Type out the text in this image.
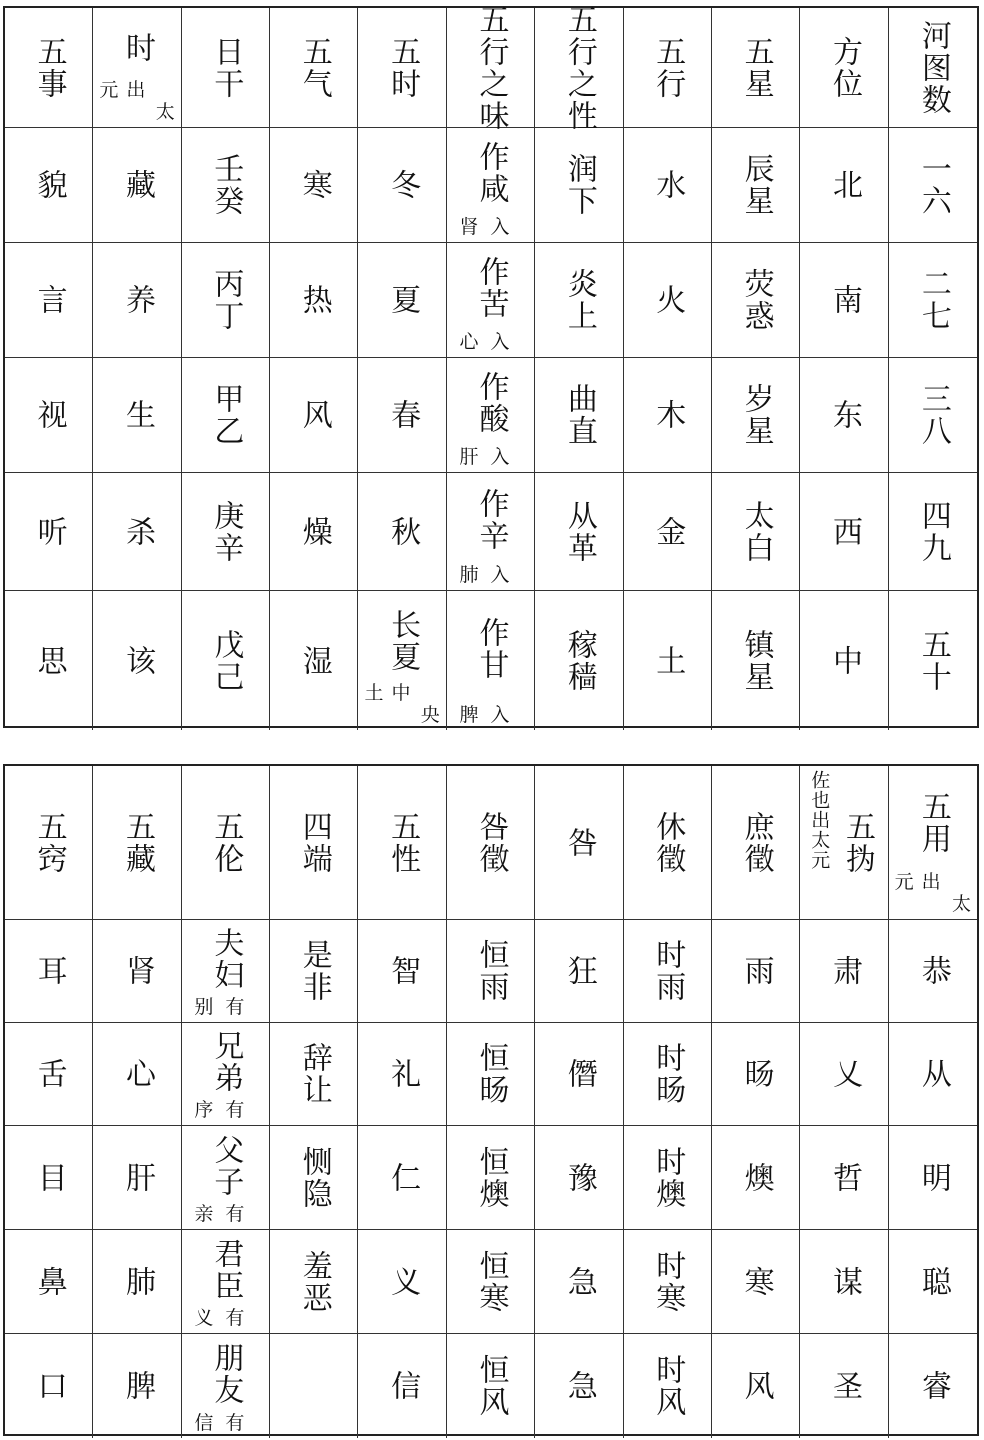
五事 时
元出
太
日干 五气 五时 五行之味 五行之性 五行 五星 方位 河图数
貌 藏 壬癸 寒 冬 作咸
肾入
润下 水 辰星 北 一六
言 养 丙丁 热 夏 作苦
心入
炎上 火 荧惑 南 二七
视 生 甲乙 风 春 作酸
肝入
曲直 木 岁星 东 三八
听 杀 庚辛 燥 秋 作辛
肺入
从革 金 太白 西 四九
思 该 戊己 湿 长夏
土中
央
作甘
脾入
稼穑 土 镇星 中 五十
五窍 五藏 五伦 四端 五性 咎徵 咎 休徵 庶徵 五㧑
佐也出太元	五用
元出
太
耳 肾 夫妇
别有
是非 智 恒雨 狂 时雨 雨 肃 恭
舌 心 兄弟
序有
辞让 礼 恒旸 僭 时旸 旸 乂 从
目 肝 父子
亲有
恻隐 仁 恒燠 豫 时燠 燠 哲 明
鼻 肺 君臣
义有
羞恶 义 恒寒 急 时寒 寒 谋 聪
口 脾 朋友
信有
信 恒风 急 时风 风 圣 睿
